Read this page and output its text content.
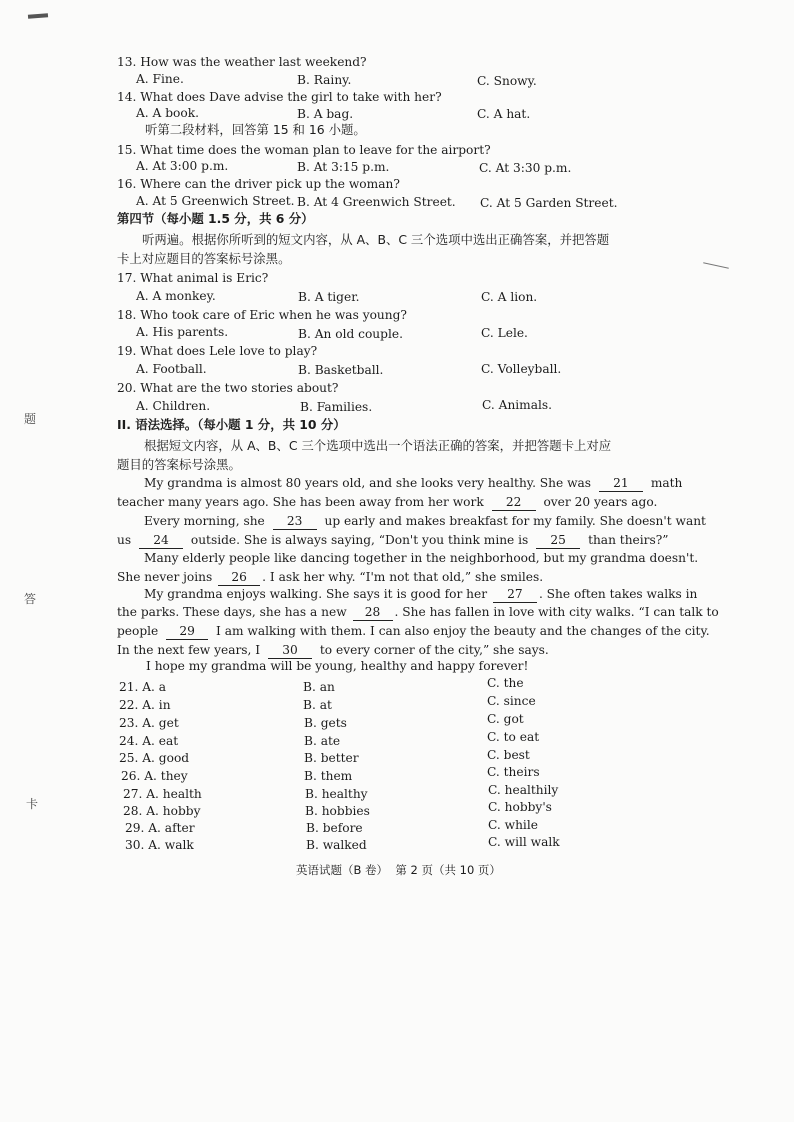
题
答
卡
13. How was the weather last weekend?
A. Fine.	B. Rainy.	C. Snowy.
14. What does Dave advise the girl to take with her?
A. A book.	B. A bag.	C. A hat.
听第二段材料，回答第 15 和 16 小题。
15. What time does the woman plan to leave for the airport?
A. At 3:00 p.m.	B. At 3:15 p.m.	C. At 3:30 p.m.
16. Where can the driver pick up the woman?
A. At 5 Greenwich Street. B. At 4 Greenwich Street. C. At 5 Garden Street.
第四节（每小题 1.5 分，共 6 分）
听两遍。根据你所听到的短文内容，从 A、B、C 三个选项中选出正确答案，并把答题
卡上对应题目的答案标号涂黑。
17. What animal is Eric?
A. A monkey.	B. A tiger.	C. A lion.
18. Who took care of Eric when he was young?
A. His parents.	B. An old couple.	C. Lele.
19. What does Lele love to play?
A. Football.	B. Basketball.	C. Volleyball.
20. What are the two stories about?
A. Children.	B. Families.	C. Animals.
II. 语法选择。（每小题 1 分，共 10 分）
根据短文内容，从 A、B、C 三个选项中选出一个语法正确的答案，并把答题卡上对应
题目的答案标号涂黑。
My grandma is almost 80 years old, and she looks very healthy. She was 21 math
teacher many years ago. She has been away from her work 22 over 20 years ago.
Every morning, she 23 up early and makes breakfast for my family. She doesn't want
us 24 outside. She is always saying, “Don't you think mine is 25 than theirs?”
Many elderly people like dancing together in the neighborhood, but my grandma doesn't.
She never joins 26 . I ask her why. “I'm not that old,” she smiles.
My grandma enjoys walking. She says it is good for her 27 . She often takes walks in
the parks. These days, she has a new 28 . She has fallen in love with city walks. “I can talk to
people 29 I am walking with them. I can also enjoy the beauty and the changes of the city.
In the next few years, I 30 to every corner of the city,” she says.
I hope my grandma will be young, healthy and happy forever!
21. A. a	B. an	C. the
22. A. in	B. at	C. since
23. A. get	B. gets	C. got
24. A. eat	B. ate	C. to eat
25. A. good	B. better	C. best
26. A. they	B. them	C. theirs
27. A. health	B. healthy	C. healthily
28. A. hobby	B. hobbies	C. hobby's
29. A. after	B. before	C. while
30. A. walk	B. walked	C. will walk
英语试题（B 卷）  第 2 页（共 10 页）
